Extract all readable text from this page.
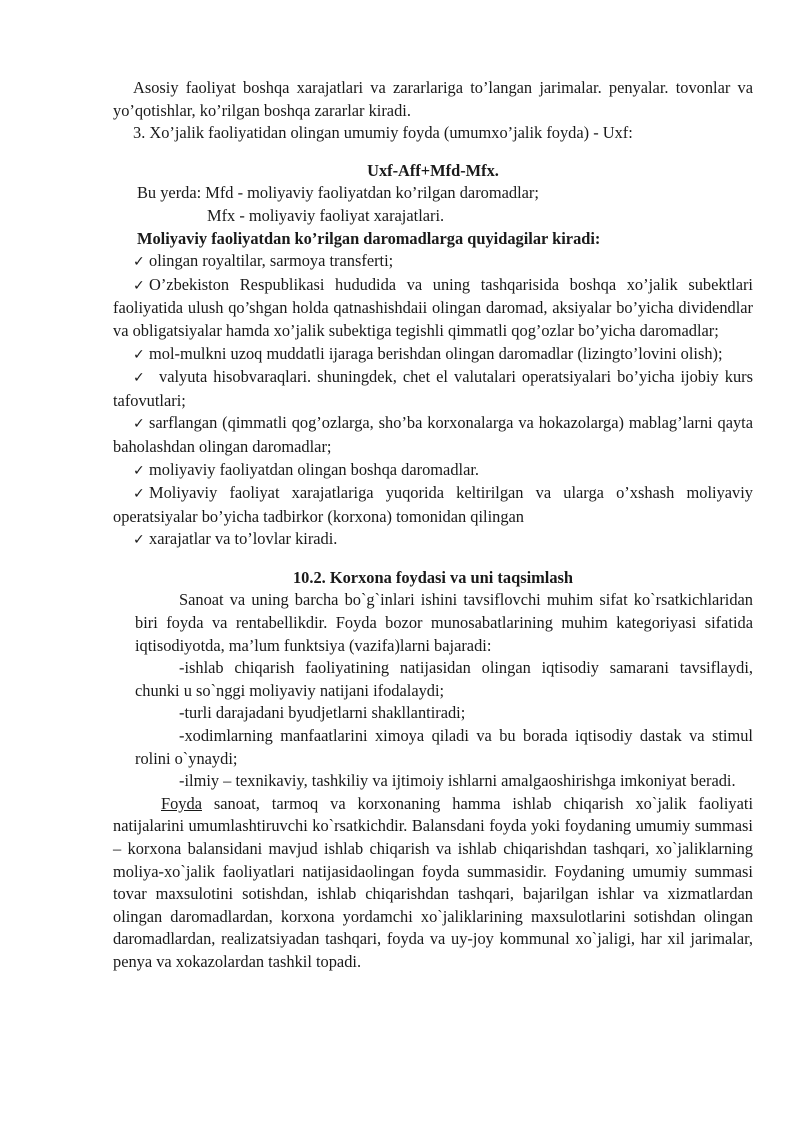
Asosiy faoliyat boshqa xarajatlari va zararlariga to’langan jarimalar. penyalar. tovonlar va yo’qotishlar, ko’rilgan boshqa zararlar kiradi.

3. Xo’jalik faoliyatidan olingan umumiy foyda (umumxo’jalik foyda) - Uxf:

Uxf-Aff+Mfd-Mfx.

Bu yerda: Mfd - moliyaviy faoliyatdan ko’rilgan daromadlar;

Mfx - moliyaviy faoliyat xarajatlari.

Moliyaviy faoliyatdan ko’rilgan daromadlarga quyidagilar kiradi:

✓ olingan royaltilar, sarmoya transferti;

✓ O’zbekiston Respublikasi hududida va uning tashqarisida boshqa xo’jalik subektlari faoliyatida ulush qo’shgan holda qatnashishdaii olingan daromad, aksiyalar bo’yicha dividendlar va obligatsiyalar hamda xo’jalik subektiga tegishli qimmatli qog’ozlar bo’yicha daromadlar;

✓ mol-mulkni uzoq muddatli ijaraga berishdan olingan daromadlar (lizingto’lovini olish);

✓ valyuta hisobvaraqlari. shuningdek, chet el valutalari operatsiyalari bo’yicha ijobiy kurs tafovutlari;

✓ sarflangan (qimmatli qog’ozlarga, sho’ba korxonalarga va hokazolarga) mablag’larni qayta baholashdan olingan daromadlar;

✓ moliyaviy faoliyatdan olingan boshqa daromadlar.

✓ Moliyaviy faoliyat xarajatlariga yuqorida keltirilgan va ularga o’xshash moliyaviy operatsiyalar bo’yicha tadbirkor (korxona) tomonidan qilingan

✓ xarajatlar va to’lovlar kiradi.

10.2. Korxona foydasi va uni taqsimlash

Sanoat va uning barcha bo`g`inlari ishini tavsiflovchi muhim sifat ko`rsatkichlaridan biri foyda va rentabellikdir. Foyda bozor munosabatlarining muhim kategoriyasi sifatida iqtisodiyotda, ma’lum funktsiya (vazifa)larni bajaradi:

-ishlab chiqarish faoliyatining natijasidan olingan iqtisodiy samarani tavsiflaydi, chunki u so`nggi moliyaviy natijani ifodalaydi;

-turli darajadani byudjetlarni shakllantiradi;

-xodimlarning manfaatlarini ximoya qiladi va bu borada iqtisodiy dastak va stimul rolini o`ynaydi;

-ilmiy – texnikaviy, tashkiliy va ijtimoiy ishlarni amalgaoshirishga imkoniyat beradi.

Foyda sanoat, tarmoq va korxonaning hamma ishlab chiqarish xo`jalik faoliyati natijalarini umumlashtiruvchi ko`rsatkichdir. Balansdani foyda yoki foydaning umumiy summasi – korxona balansidani mavjud ishlab chiqarish va ishlab chiqarishdan tashqari, xo`jaliklarning moliya-xo`jalik faoliyatlari natijasidaolingan foyda summasidir. Foydaning umumiy summasi tovar maxsulotini sotishdan, ishlab chiqarishdan tashqari, bajarilgan ishlar va xizmatlardan olingan daromadlardan, korxona yordamchi xo`jaliklarining maxsulotlarini sotishdan olingan daromadlardan, realizatsiyadan tashqari, foyda va uy-joy kommunal xo`jaligi, har xil jarimalar, penya va xokazolardan tashkil topadi.
